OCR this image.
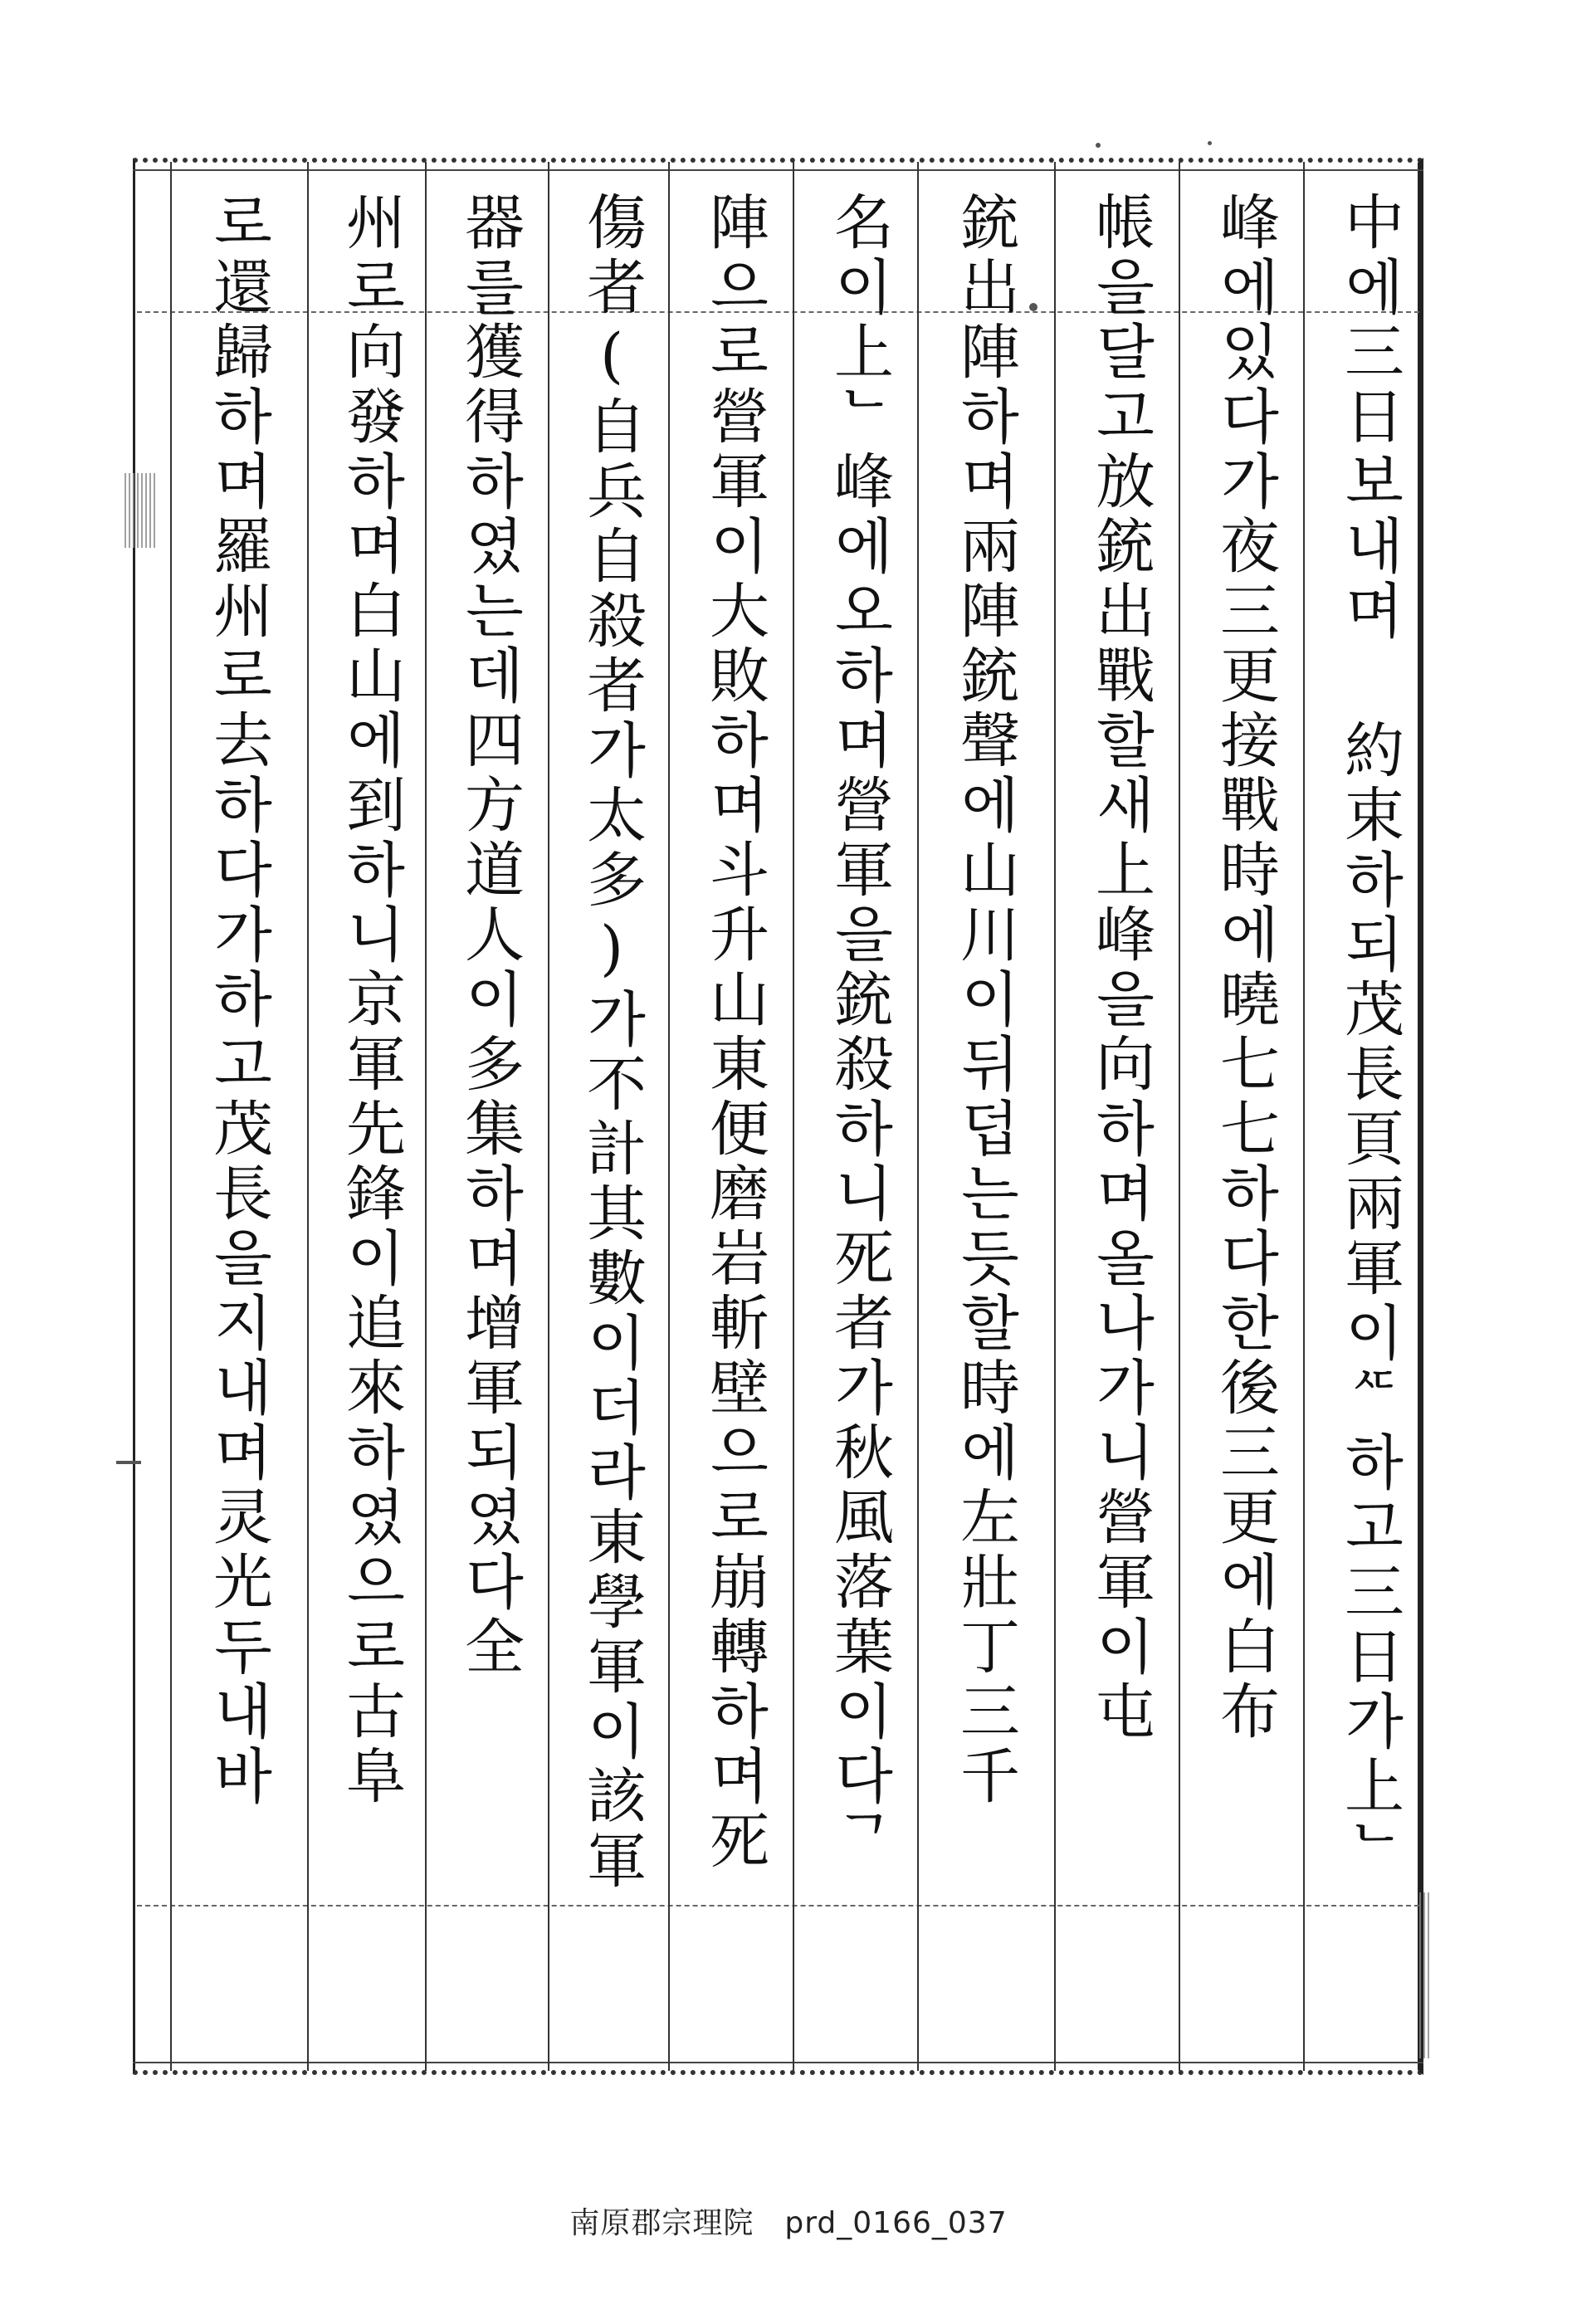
中에三日보내며 約束하되茂長頁兩軍이ᄯ하고三日가上ᄂ
峰에있다가夜三更接戰時에曉七七하다한後三更에白布
帳을달고放銃出戰할새上峰을向하며올나가니營軍이屯
銃出陣하며兩陣銃聲에山川이뒤덥는듯할時에左壯丁三千
名이上ᄂ峰에오하며營軍을銃殺하니死者가秋風落葉이다ᄀ
陣으로營軍이大敗하며斗升山東便磨岩斬壁으로崩轉하며死
傷者(自兵自殺者가太多)가不計其數이더라東學軍이該軍
器를獲得하였는데四方道人이多集하며增軍되였다全
州로向發하며白山에到하니京軍先鋒이追來하였으로古阜
로還歸하며羅州로去하다가하고茂長을지내며灵光두내바
南原郡宗理院　prd_0166_037
